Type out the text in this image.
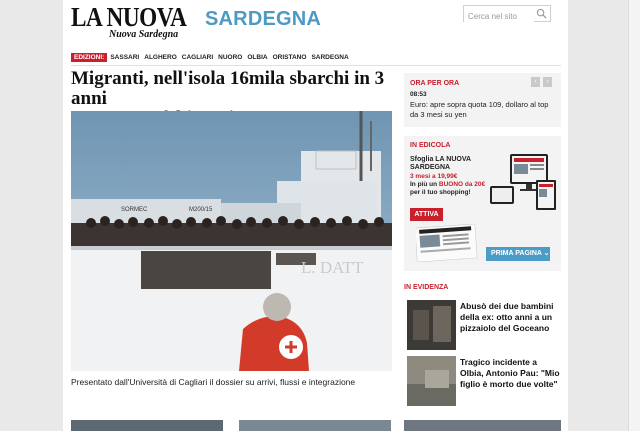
LA NUOVA SARDEGNA
Nuova Sardegna
Cerca nel sito
EDIZIONI: SASSARI ALGHERO CAGLIARI NUORO OLBIA ORISTANO SARDEGNA
Migranti, nell'isola 16mila sbarchi in 3 anni
L. DATT
SORMEC	M200/15
Presentato dall'Università di Cagliari il dossier su arrivi, flussi e integrazione
ORA PER ORA	‹	›
08:53
Euro: apre sopra quota 109, dollaro al top da 3 mesi su yen
IN EDICOLA
Sfoglia LA NUOVA SARDEGNA
3 mesi a 19,99€
In più un BUONO da 20€ per il tuo shopping!
ATTIVA
PRIMA PAGINA ⌄
IN EVIDENZA
Abusò dei due bambini della ex: otto anni a un pizzaiolo del Goceano
Tragico incidente a Olbia, Antonio Pau: "Mio figlio è morto due volte"
